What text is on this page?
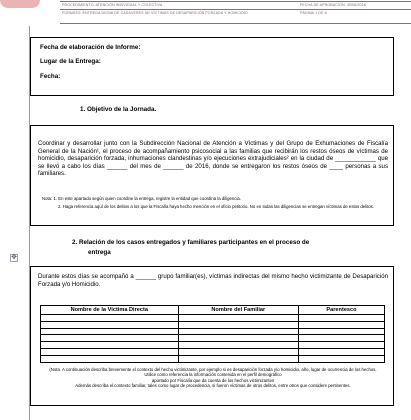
PROCEDIMIENTO: ATENCIÓN INDIVIDUAL Y COLECTIVA	FECHA DE APROBACIÓN: 30/06/2016
FORMATO: ENTREGA DIGNA DE CADÁVERES DE VÍCTIMAS DE DESAPARICIÓN FORZADA Y HOMICIDIO	PÁGINA 1 DE 8
Fecha de elaboración de Informe:
Lugar de la Entrega:
Fecha:
1. Objetivo de la Jornada.
Coordinar y desarrollar junto con la Subdirección Nacional de Atención a Víctimas y del Grupo de Exhumaciones de Fiscalía General de la Nación¹, el proceso de acompañamiento psicosocial a las familias que recibirán los restos óseos de víctimas de homicidio, desaparición forzada, inhumaciones clandestinas y/o ejecuciones extrajudiciales² en la ciudad de ____________ que se llevó a cabo los días ______ del mes de ______ de 2016, donde se entregaron los restos óseos de ____ personas a sus familiares.
Nota: 1. En este apartado según quien coordine la entrega, registre la entidad que coordina la diligencia.
2. Haga referencia aquí de los delitos a los que la Fiscalía haya hecho mención en el oficio petitorio. No en todas las diligencias se entregan víctimas de estos delitos.
2. Relación de los casos entregados y familiares participantes en el proceso de
entrega
✥
Durante estos días se acompañó a ______ grupo familiar(es), víctimas indirectas del mismo hecho victimizante de Desaparición Forzada y/o Homicidio.
Nombre de la Víctima Directa	Nombre del Familiar	Parentesco

(Nota. A continuación describa brevemente el contexto del hecho victimizante, por ejemplo si es desaparición forzada y/o homicidio, año, lugar de ocurrencia de los hechos. Utilice como referencia la información contenida en el perfil demográfico
aportado por Fiscalía que da cuenta de los hechos victimizantes
Además describa el contexto familiar, tales como lugar de procedencia, si fueron víctimas de otros delitos, entre otros que considere pertinentes.
